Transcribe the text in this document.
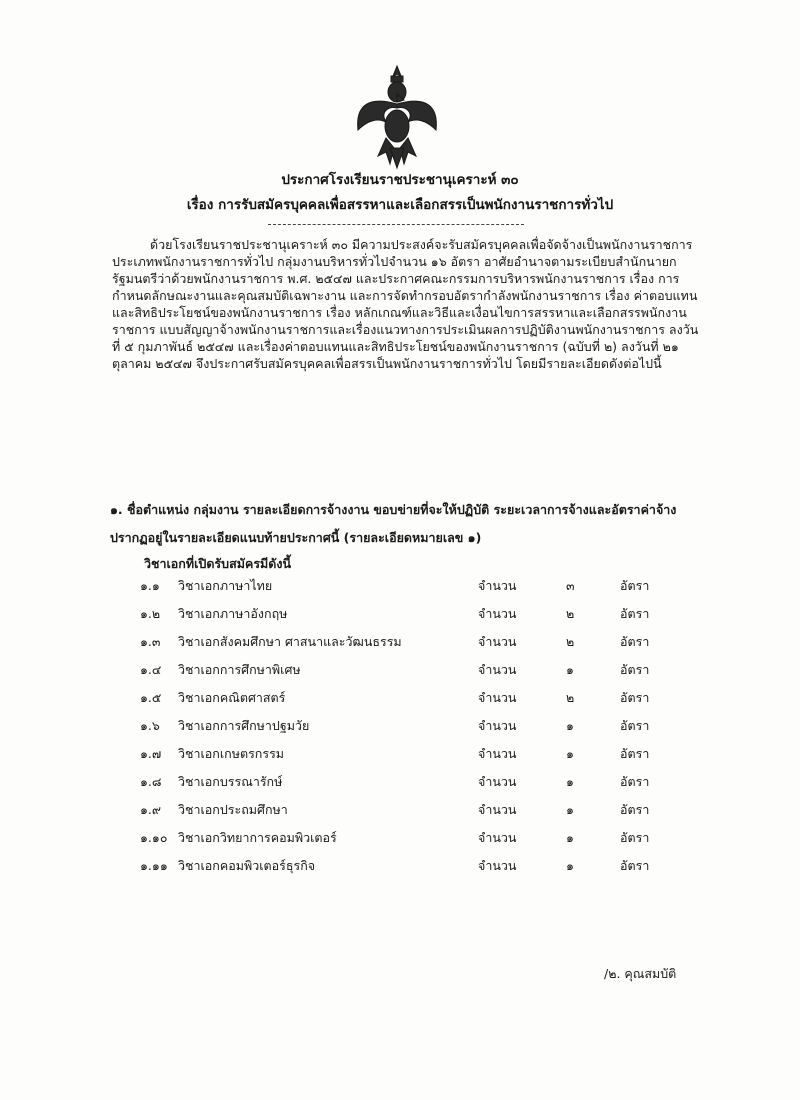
ประกาศโรงเรียนราชประชานุเคราะห์ ๓๐
เรื่อง การรับสมัครบุคคลเพื่อสรรหาและเลือกสรรเป็นพนักงานราชการทั่วไป
ด้วยโรงเรียนราชประชานุเคราะห์ ๓๐ มีความประสงค์จะรับสมัครบุคคลเพื่อจัดจ้างเป็นพนักงานราชการ ประเภทพนักงานราชการทั่วไป กลุ่มงานบริหารทั่วไปจำนวน ๑๖ อัตรา อาศัยอำนาจตามระเบียบสำนักนายกรัฐมนตรีว่าด้วยพนักงานราชการ พ.ศ. ๒๕๔๗ และประกาศคณะกรรมการบริหารพนักงานราชการ เรื่อง การกำหนดลักษณะงานและคุณสมบัติเฉพาะงาน และการจัดทำกรอบอัตรากำลังพนักงานราชการ เรื่อง ค่าตอบแทนและสิทธิประโยชน์ของพนักงานราชการ เรื่อง หลักเกณฑ์และวิธีและเงื่อนไขการสรรหาและเลือกสรรพนักงานราชการ แบบสัญญาจ้างพนักงานราชการและเรื่องแนวทางการประเมินผลการปฏิบัติงานพนักงานราชการ ลงวันที่ ๕ กุมภาพันธ์ ๒๕๔๗ และเรื่องค่าตอบแทนและสิทธิประโยชน์ของพนักงานราชการ (ฉบับที่ ๒) ลงวันที่ ๒๑ ตุลาคม ๒๕๔๗ จึงประกาศรับสมัครบุคคลเพื่อสรรเป็นพนักงานราชการทั่วไป โดยมีรายละเอียดดังต่อไปนี้
๑. ชื่อตำแหน่ง กลุ่มงาน รายละเอียดการจ้างงาน ขอบข่ายที่จะให้ปฏิบัติ ระยะเวลาการจ้างและอัตราค่าจ้าง ปรากฏอยู่ในรายละเอียดแนบท้ายประกาศนี้ (รายละเอียดหมายเลข ๑)
วิชาเอกที่เปิดรับสมัครมีดังนี้
๑.๑ วิชาเอกภาษาไทย	จำนวน	๓	อัตรา
๑.๒ วิชาเอกภาษาอังกฤษ	จำนวน	๒	อัตรา
๑.๓ วิชาเอกสังคมศึกษา ศาสนาและวัฒนธรรม	จำนวน	๒	อัตรา
๑.๔ วิชาเอกการศึกษาพิเศษ	จำนวน	๑	อัตรา
๑.๕ วิชาเอกคณิตศาสตร์	จำนวน	๒	อัตรา
๑.๖ วิชาเอกการศึกษาปฐมวัย	จำนวน	๑	อัตรา
๑.๗ วิชาเอกเกษตรกรรม	จำนวน	๑	อัตรา
๑.๘ วิชาเอกบรรณารักษ์	จำนวน	๑	อัตรา
๑.๙ วิชาเอกประถมศึกษา	จำนวน	๑	อัตรา
๑.๑๐ วิชาเอกวิทยาการคอมพิวเตอร์	จำนวน	๑	อัตรา
๑.๑๑ วิชาเอกคอมพิวเตอร์ธุรกิจ	จำนวน	๑	อัตรา
/๒. คุณสมบัติ
